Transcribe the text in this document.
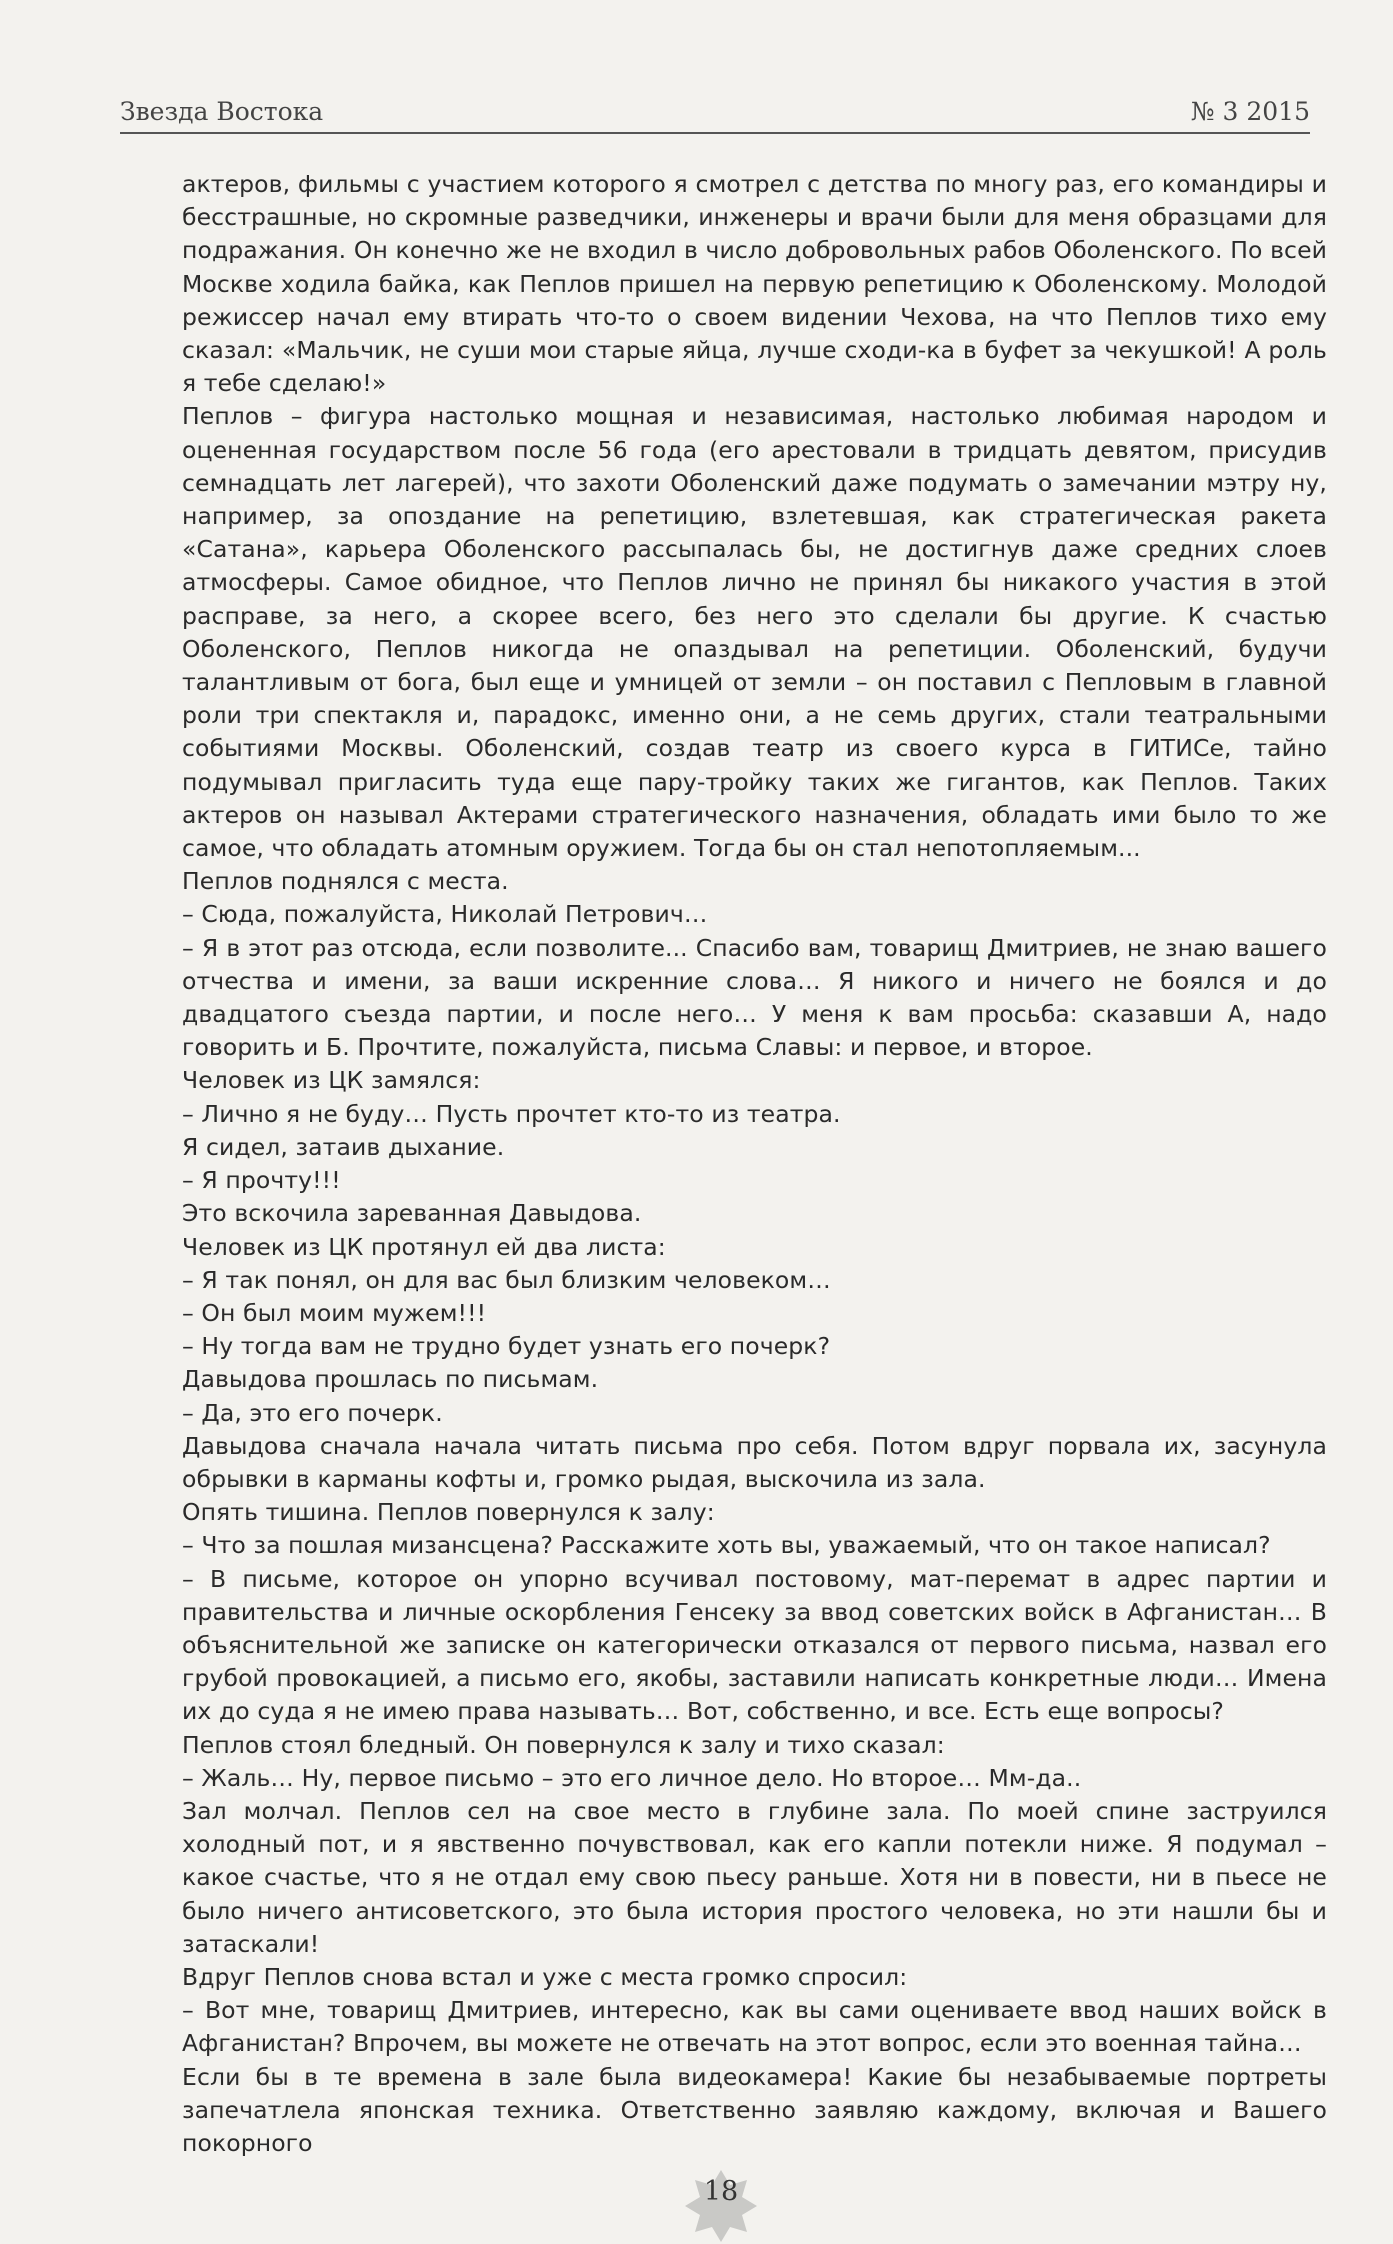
Звезда Востока	№ 3 2015

актеров, фильмы с участием которого я смотрел с детства по многу раз, его командиры и бесстрашные, но скромные разведчики, инженеры и врачи были для меня образцами для подражания. Он конечно же не входил в число добровольных рабов Оболенского. По всей Москве ходила байка, как Пеплов пришел на первую репетицию к Оболенскому. Молодой режиссер начал ему втирать что-то о своем видении Чехова, на что Пеплов тихо ему сказал: «Мальчик, не суши мои старые яйца, лучше сходи-ка в буфет за чекушкой! А роль я тебе сделаю!»

Пеплов – фигура настолько мощная и независимая, настолько любимая народом и оцененная государством после 56 года (его арестовали в тридцать девятом, присудив семнадцать лет лагерей), что захоти Оболенский даже подумать о замечании мэтру ну, например, за опоздание на репетицию, взлетевшая, как стратегическая ракета «Сатана», карьера Оболенского рассыпалась бы, не достигнув даже средних слоев атмосферы. Самое обидное, что Пеплов лично не принял бы никакого участия в этой расправе, за него, а скорее всего, без него это сделали бы другие. К счастью Оболенского, Пеплов никогда не опаздывал на репетиции. Оболенский, будучи талантливым от бога, был еще и умницей от земли – он поставил с Пепловым в главной роли три спектакля и, парадокс, именно они, а не семь других, стали театральными событиями Москвы. Оболенский, создав театр из своего курса в ГИТИСе, тайно подумывал пригласить туда еще пару-тройку таких же гигантов, как Пеплов. Таких актеров он называл Актерами стратегического назначения, обладать ими было то же самое, что обладать атомным оружием. Тогда бы он стал непотопляемым...

Пеплов поднялся с места.

– Сюда, пожалуйста, Николай Петрович…

– Я в этот раз отсюда, если позволите... Спасибо вам, товарищ Дмитриев, не знаю вашего отчества и имени, за ваши искренние слова… Я никого и ничего не боялся и до двадцатого съезда партии, и после него… У меня к вам просьба: сказавши А, надо говорить и Б. Прочтите, пожалуйста, письма Славы: и первое, и второе.

Человек из ЦК замялся:

– Лично я не буду… Пусть прочтет кто-то из театра.

Я сидел, затаив дыхание.

– Я прочту!!!

Это вскочила зареванная Давыдова.

Человек из ЦК протянул ей два листа:

– Я так понял, он для вас был близким человеком…

– Он был моим мужем!!!

– Ну тогда вам не трудно будет узнать его почерк?

Давыдова прошлась по письмам.

– Да, это его почерк.

Давыдова сначала начала читать письма про себя. Потом вдруг порвала их, засунула обрывки в карманы кофты и, громко рыдая, выскочила из зала.

Опять тишина. Пеплов повернулся к залу:

– Что за пошлая мизансцена? Расскажите хоть вы, уважаемый, что он такое написал?

– В письме, которое он упорно всучивал постовому, мат-перемат в адрес партии и правительства и личные оскорбления Генсеку за ввод советских войск в Афганистан… В объяснительной же записке он категорически отказался от первого письма, назвал его грубой провокацией, а письмо его, якобы, заставили написать конкретные люди… Имена их до суда я не имею права называть… Вот, собственно, и все. Есть еще вопросы?

Пеплов стоял бледный. Он повернулся к залу и тихо сказал:

– Жаль… Ну, первое письмо – это его личное дело. Но второе… Мм-да..

Зал молчал. Пеплов сел на свое место в глубине зала. По моей спине заструился холодный пот, и я явственно почувствовал, как его капли потекли ниже. Я подумал – какое счастье, что я не отдал ему свою пьесу раньше. Хотя ни в повести, ни в пьесе не было ничего антисоветского, это была история простого человека, но эти нашли бы и затаскали!

Вдруг Пеплов снова встал и уже с места громко спросил:

– Вот мне, товарищ Дмитриев, интересно, как вы сами оцениваете ввод наших войск в Афганистан? Впрочем, вы можете не отвечать на этот вопрос, если это военная тайна…

Если бы в те времена в зале была видеокамера! Какие бы незабываемые портреты запечатлела японская техника. Ответственно заявляю каждому, включая и Вашего покорного

18
